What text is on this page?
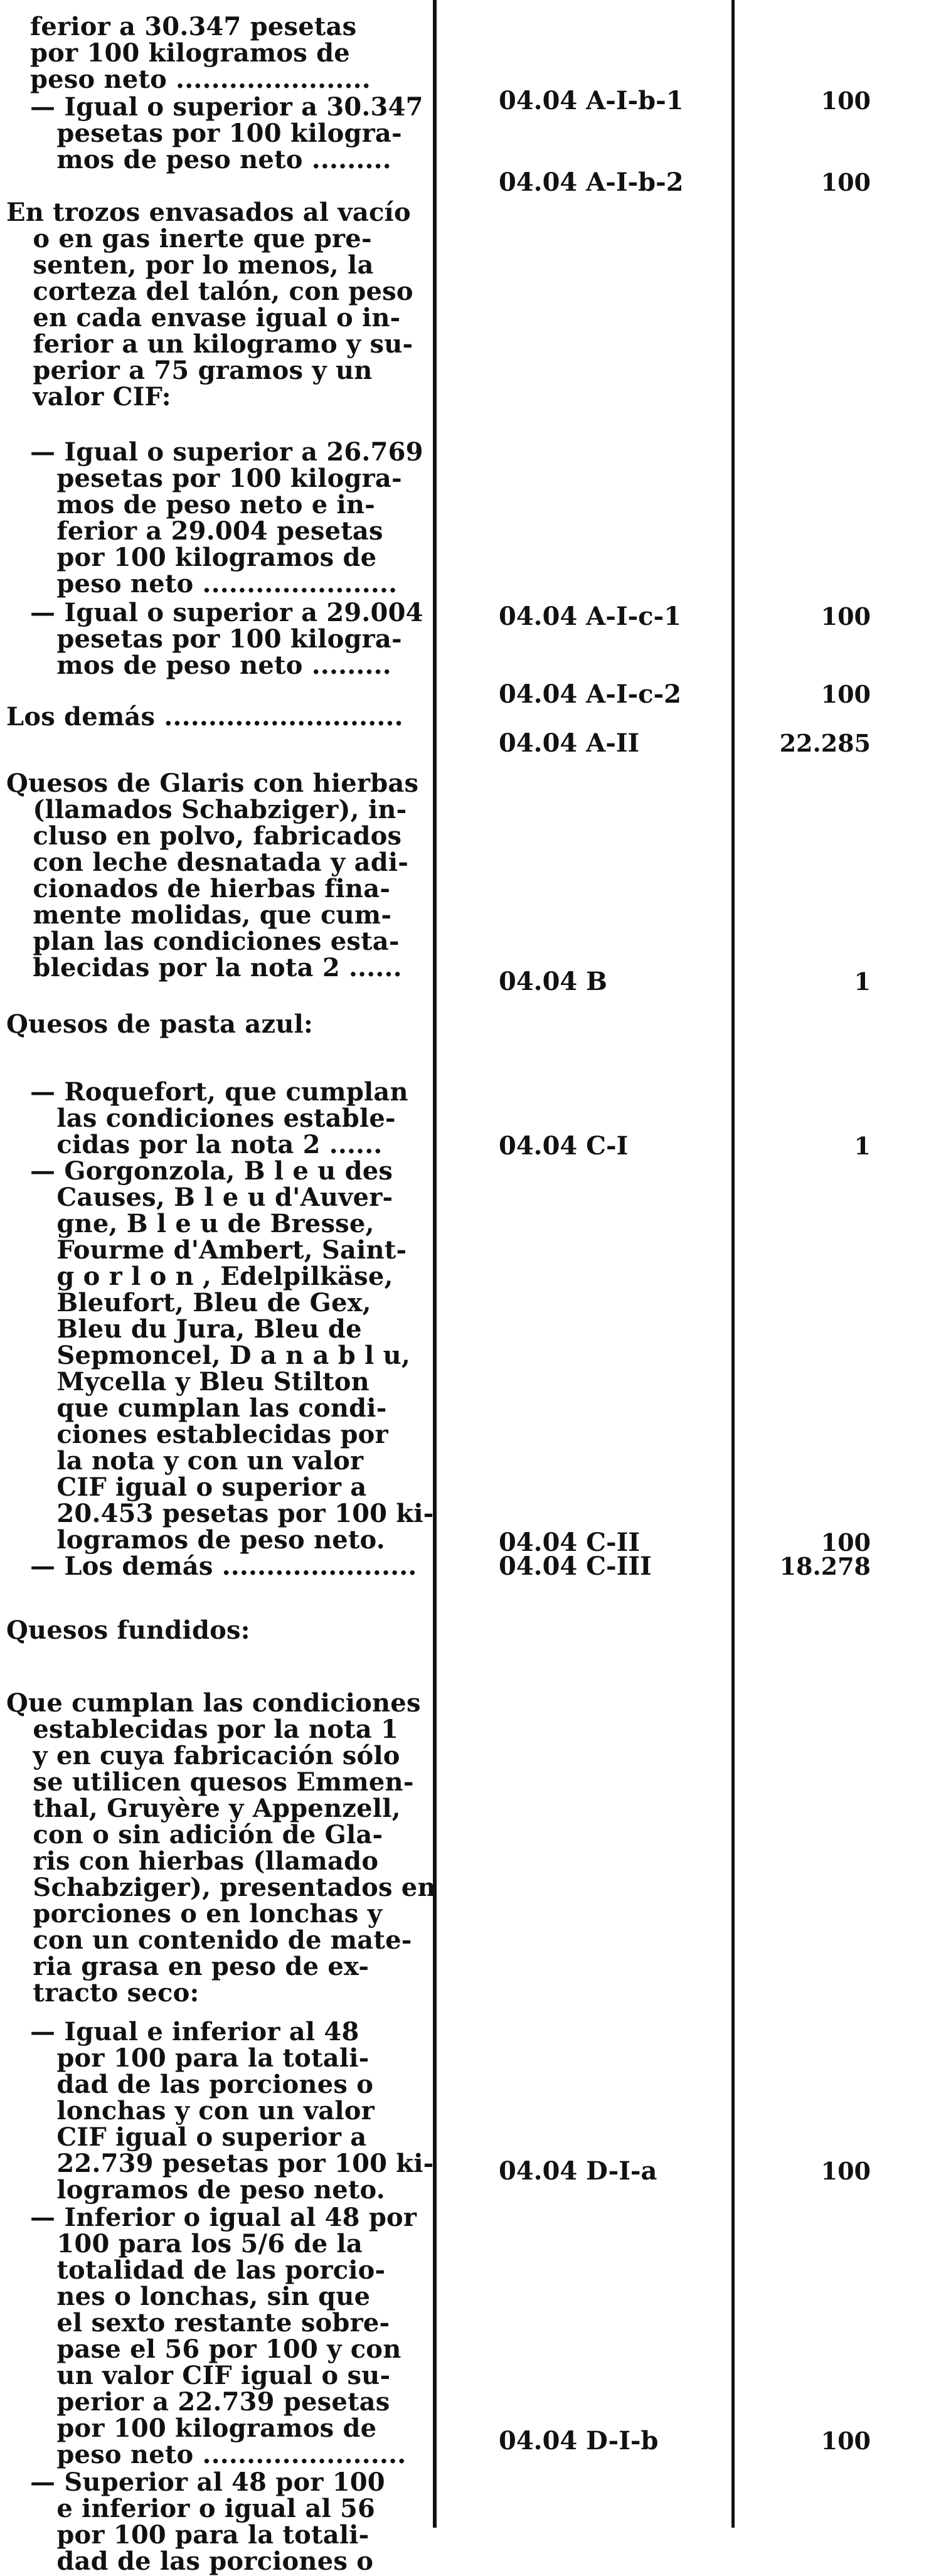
ferior a 30.347 pesetas
por 100 kilogramos de
peso neto ......................

— Igual o superior a 30.347
pesetas por 100 kilogra-
mos de peso neto .........

En trozos envasados al vacío
o en gas inerte que pre-
senten, por lo menos, la
corteza del talón, con peso
en cada envase igual o in-
ferior a un kilogramo y su-
perior a 75 gramos y un
valor CIF:

— Igual o superior a 26.769
pesetas por 100 kilogra-
mos de peso neto e in-
ferior a 29.004 pesetas
por 100 kilogramos de
peso neto ......................

— Igual o superior a 29.004
pesetas por 100 kilogra-
mos de peso neto .........

Los demás ...........................

Quesos de Glaris con hierbas
(llamados Schabziger), in-
cluso en polvo, fabricados
con leche desnatada y adi-
cionados de hierbas fina-
mente molidas, que cum-
plan las condiciones esta-
blecidas por la nota 2 ......

Quesos de pasta azul:

— Roquefort, que cumplan
las condiciones estable-
cidas por la nota 2 ......

— Gorgonzola, B l e u des
Causes, B l e u d'Auver-
gne, B l e u de Bresse,
Fourme d'Ambert, Saint-
g o r l o n , Edelpilkäse,
Bleufort, Bleu de Gex,
Bleu du Jura, Bleu de
Sepmoncel, D a n a b l u,
Mycella y Bleu Stilton
que cumplan las condi-
ciones establecidas por
la nota y con un valor
CIF igual o superior a
20.453 pesetas por 100 ki-
logramos de peso neto.

— Los demás ......................

Quesos fundidos:

Que cumplan las condiciones
establecidas por la nota 1
y en cuya fabricación sólo
se utilicen quesos Emmen-
thal, Gruyère y Appenzell,
con o sin adición de Gla-
ris con hierbas (llamado
Schabziger), presentados en
porciones o en lonchas y
con un contenido de mate-
ria grasa en peso de ex-
tracto seco:

— Igual e inferior al 48
por 100 para la totali-
dad de las porciones o
lonchas y con un valor
CIF igual o superior a
22.739 pesetas por 100 ki-
logramos de peso neto.

— Inferior o igual al 48 por
100 para los 5/6 de la
totalidad de las porcio-
nes o lonchas, sin que
el sexto restante sobre-
pase el 56 por 100 y con
un valor CIF igual o su-
perior a 22.739 pesetas
por 100 kilogramos de
peso neto .......................

— Superior al 48 por 100
e inferior o igual al 56
por 100 para la totali-
dad de las porciones o

04.04 A-I-b-1

04.04 A-I-b-2

04.04 A-I-c-1

04.04 A-I-c-2

04.04 A-II

04.04 B

04.04 C-I

04.04 C-II

04.04 C-III

04.04 D-I-a

04.04 D-I-b

100

100

100

100

22.285

1

1

100

18.278

100

100
